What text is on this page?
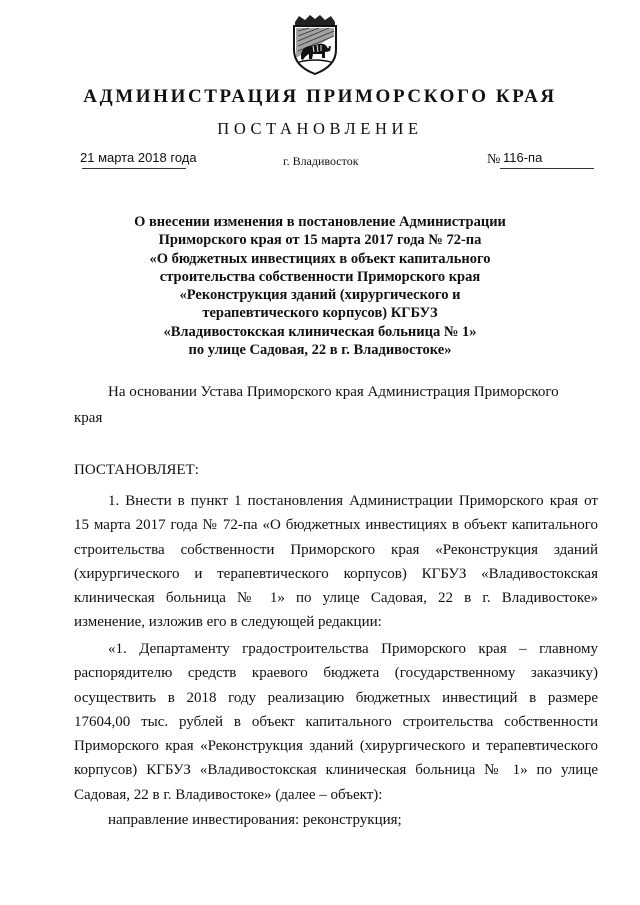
АДМИНИСТРАЦИЯ ПРИМОРСКОГО КРАЯ
ПОСТАНОВЛЕНИЕ
21 марта 2018 года	г. Владивосток	№ 116-па
О внесении изменения в постановление Администрации
Приморского края от 15 марта 2017 года № 72-па
«О бюджетных инвестициях в объект капитального
строительства собственности Приморского края
«Реконструкция зданий (хирургического и
терапевтического корпусов) КГБУЗ
«Владивостокская клиническая больница № 1»
по улице Садовая, 22 в г. Владивостоке»
На основании Устава Приморского края Администрация Приморского
края
ПОСТАНОВЛЯЕТ:
1. Внести в пункт 1 постановления Администрации Приморского края от
15 марта 2017 года № 72-па «О бюджетных инвестициях в объект капитального
строительства собственности Приморского края «Реконструкция зданий
(хирургического и терапевтического корпусов) КГБУЗ «Владивостокская
клиническая больница № 1» по улице Садовая, 22 в г. Владивостоке»
изменение, изложив его в следующей редакции:
«1. Департаменту градостроительства Приморского края – главному
распорядителю средств краевого бюджета (государственному заказчику)
осуществить в 2018 году реализацию бюджетных инвестиций в размере
17604,00 тыс. рублей в объект капитального строительства собственности
Приморского края «Реконструкция зданий (хирургического и терапевтического
корпусов) КГБУЗ «Владивостокская клиническая больница № 1» по улице
Садовая, 22 в г. Владивостоке» (далее – объект):
направление инвестирования: реконструкция;
